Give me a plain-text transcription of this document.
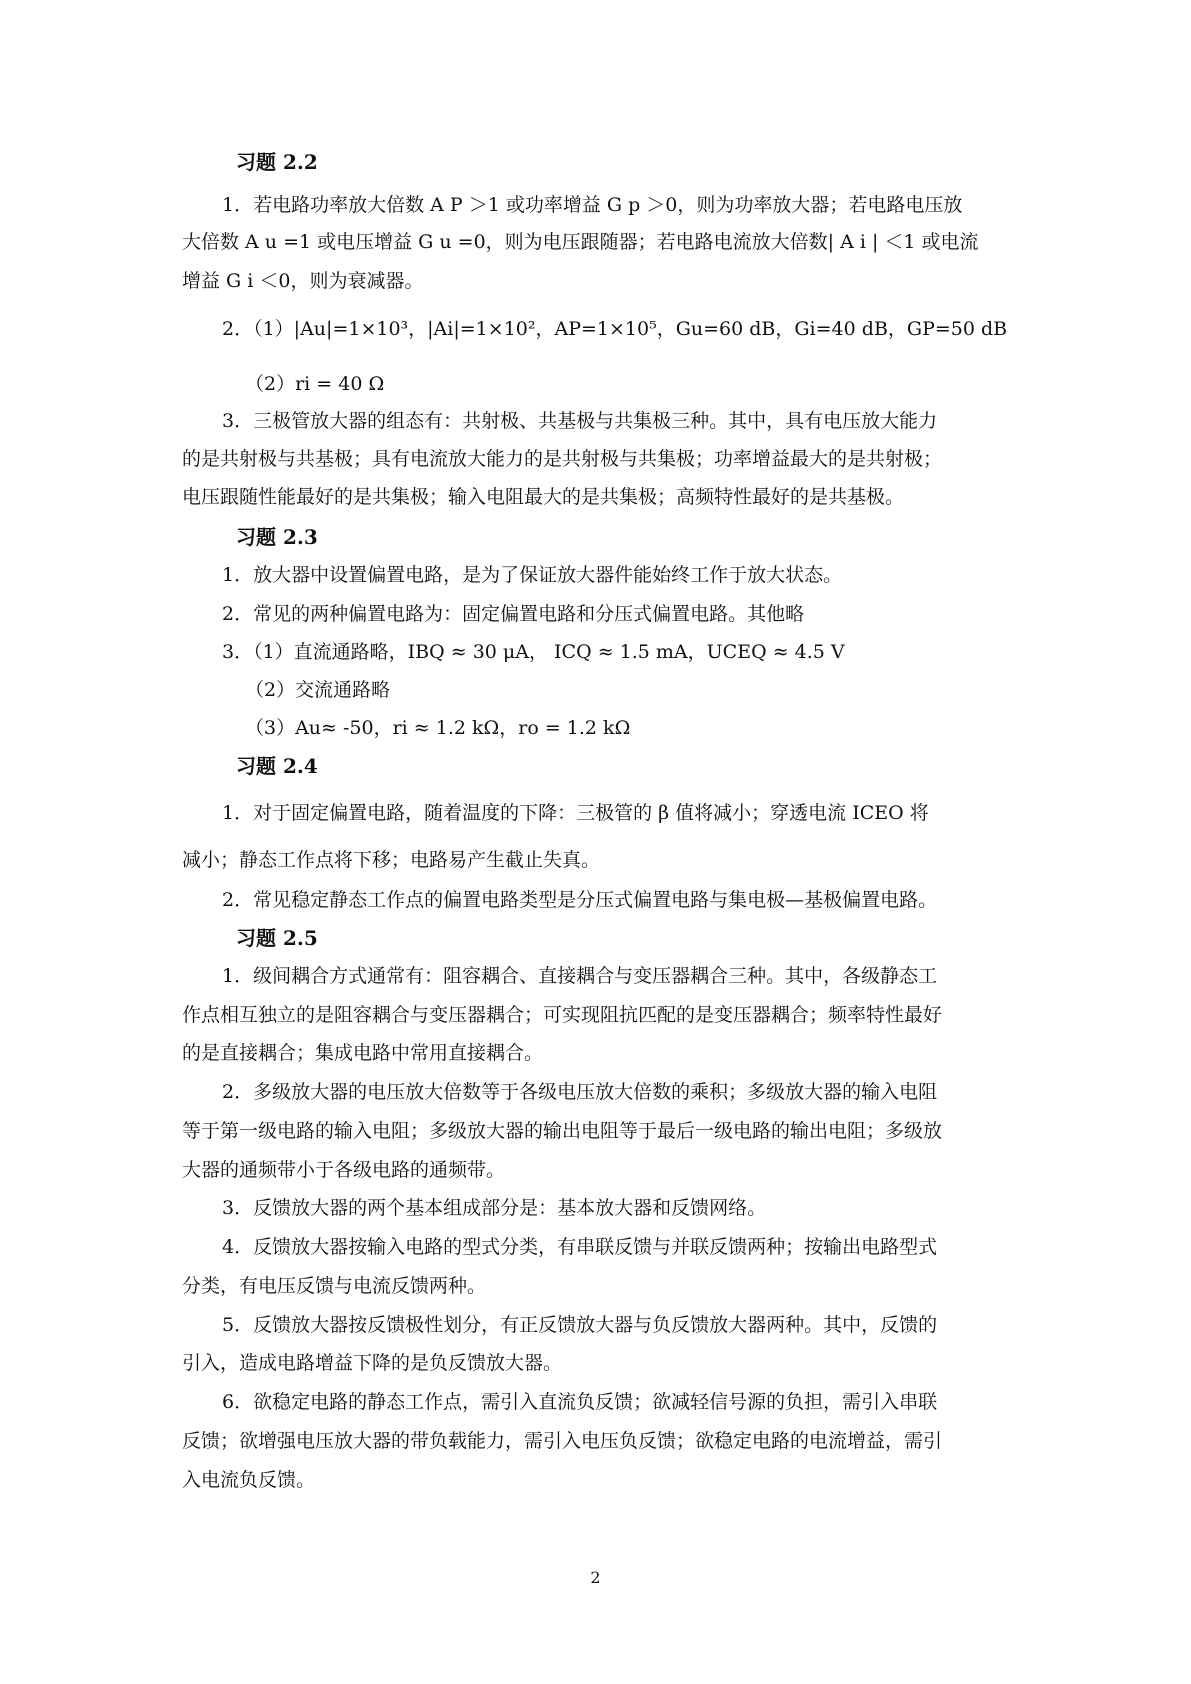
习题 2.2
1．若电路功率放大倍数 A P ＞1 或功率增益 G p ＞0，则为功率放大器；若电路电压放
大倍数 A u =1 或电压增益 G u =0，则为电压跟随器；若电路电流放大倍数| A i | ＜1 或电流
增益 G i ＜0，则为衰减器。
2．（1）|Au|=1×10³，|Ai|=1×10²，AP=1×10⁵，Gu=60 dB，Gi=40 dB，GP=50 dB
（2）ri = 40 Ω
3．三极管放大器的组态有：共射极、共基极与共集极三种。其中，具有电压放大能力
的是共射极与共基极；具有电流放大能力的是共射极与共集极；功率增益最大的是共射极；
电压跟随性能最好的是共集极；输入电阻最大的是共集极；高频特性最好的是共基极。
习题 2.3
1．放大器中设置偏置电路，是为了保证放大器件能始终工作于放大状态。
2．常见的两种偏置电路为：固定偏置电路和分压式偏置电路。其他略
3．（1）直流通路略，IBQ ≈ 30 μA， ICQ ≈ 1.5 mA，UCEQ ≈ 4.5 V
（2）交流通路略
（3）Au≈ -50，ri ≈ 1.2 kΩ，ro = 1.2 kΩ
习题 2.4
1．对于固定偏置电路，随着温度的下降：三极管的 β 值将减小；穿透电流 ICEO 将
减小；静态工作点将下移；电路易产生截止失真。
2．常见稳定静态工作点的偏置电路类型是分压式偏置电路与集电极—基极偏置电路。
习题 2.5
1．级间耦合方式通常有：阻容耦合、直接耦合与变压器耦合三种。其中，各级静态工
作点相互独立的是阻容耦合与变压器耦合；可实现阻抗匹配的是变压器耦合；频率特性最好
的是直接耦合；集成电路中常用直接耦合。
2．多级放大器的电压放大倍数等于各级电压放大倍数的乘积；多级放大器的输入电阻
等于第一级电路的输入电阻；多级放大器的输出电阻等于最后一级电路的输出电阻；多级放
大器的通频带小于各级电路的通频带。
3．反馈放大器的两个基本组成部分是：基本放大器和反馈网络。
4．反馈放大器按输入电路的型式分类，有串联反馈与并联反馈两种；按输出电路型式
分类，有电压反馈与电流反馈两种。
5．反馈放大器按反馈极性划分，有正反馈放大器与负反馈放大器两种。其中，反馈的
引入，造成电路增益下降的是负反馈放大器。
6．欲稳定电路的静态工作点，需引入直流负反馈；欲减轻信号源的负担，需引入串联
反馈；欲增强电压放大器的带负载能力，需引入电压负反馈；欲稳定电路的电流增益，需引
入电流负反馈。
2
